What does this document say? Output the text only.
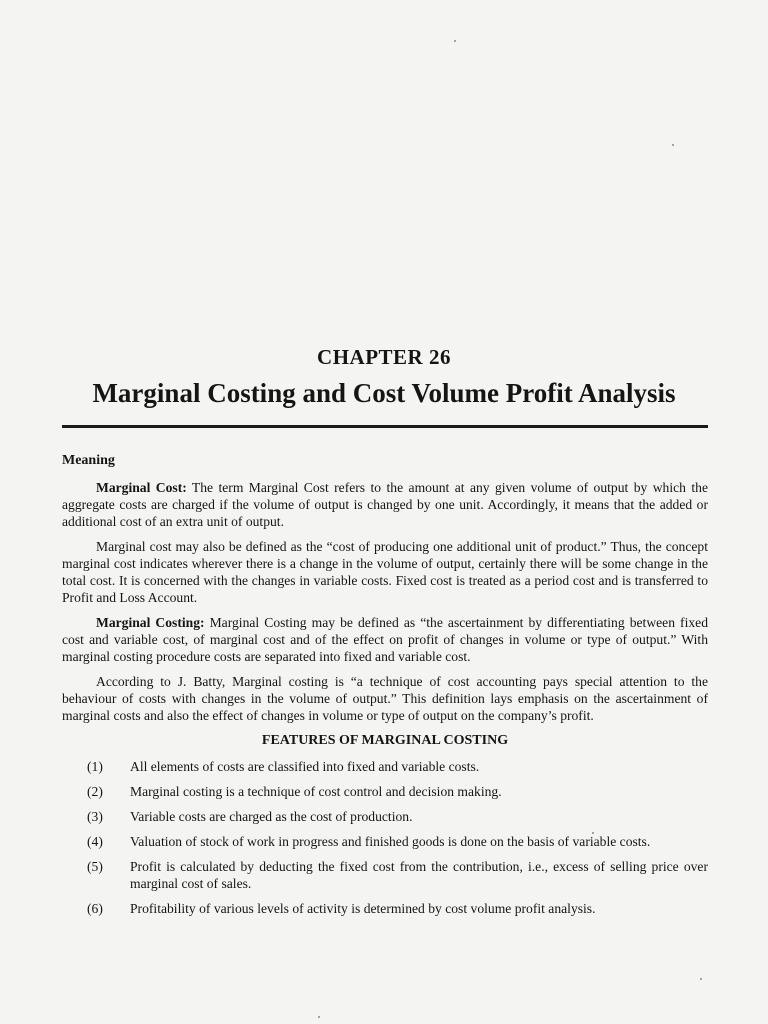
CHAPTER 26
Marginal Costing and Cost Volume Profit Analysis
Meaning

Marginal Cost: The term Marginal Cost refers to the amount at any given volume of output by which the aggregate costs are charged if the volume of output is changed by one unit. Accordingly, it means that the added or additional cost of an extra unit of output.

Marginal cost may also be defined as the “cost of producing one additional unit of product.” Thus, the concept marginal cost indicates wherever there is a change in the volume of output, certainly there will be some change in the total cost. It is concerned with the changes in variable costs. Fixed cost is treated as a period cost and is transferred to Profit and Loss Account.

Marginal Costing: Marginal Costing may be defined as “the ascertainment by differentiating between fixed cost and variable cost, of marginal cost and of the effect on profit of changes in volume or type of output.” With marginal costing procedure costs are separated into fixed and variable cost.

According to J. Batty, Marginal costing is “a technique of cost accounting pays special attention to the behaviour of costs with changes in the volume of output.” This definition lays emphasis on the ascertainment of marginal costs and also the effect of changes in volume or type of output on the company’s profit.

FEATURES OF MARGINAL COSTING
(1)	All elements of costs are classified into fixed and variable costs.
(2)	Marginal costing is a technique of cost control and decision making.
(3)	Variable costs are charged as the cost of production.
(4)	Valuation of stock of work in progress and finished goods is done on the basis of variable costs.
(5)	Profit is calculated by deducting the fixed cost from the contribution, i.e., excess of selling price over marginal cost of sales.
(6)	Profitability of various levels of activity is determined by cost volume profit analysis.
